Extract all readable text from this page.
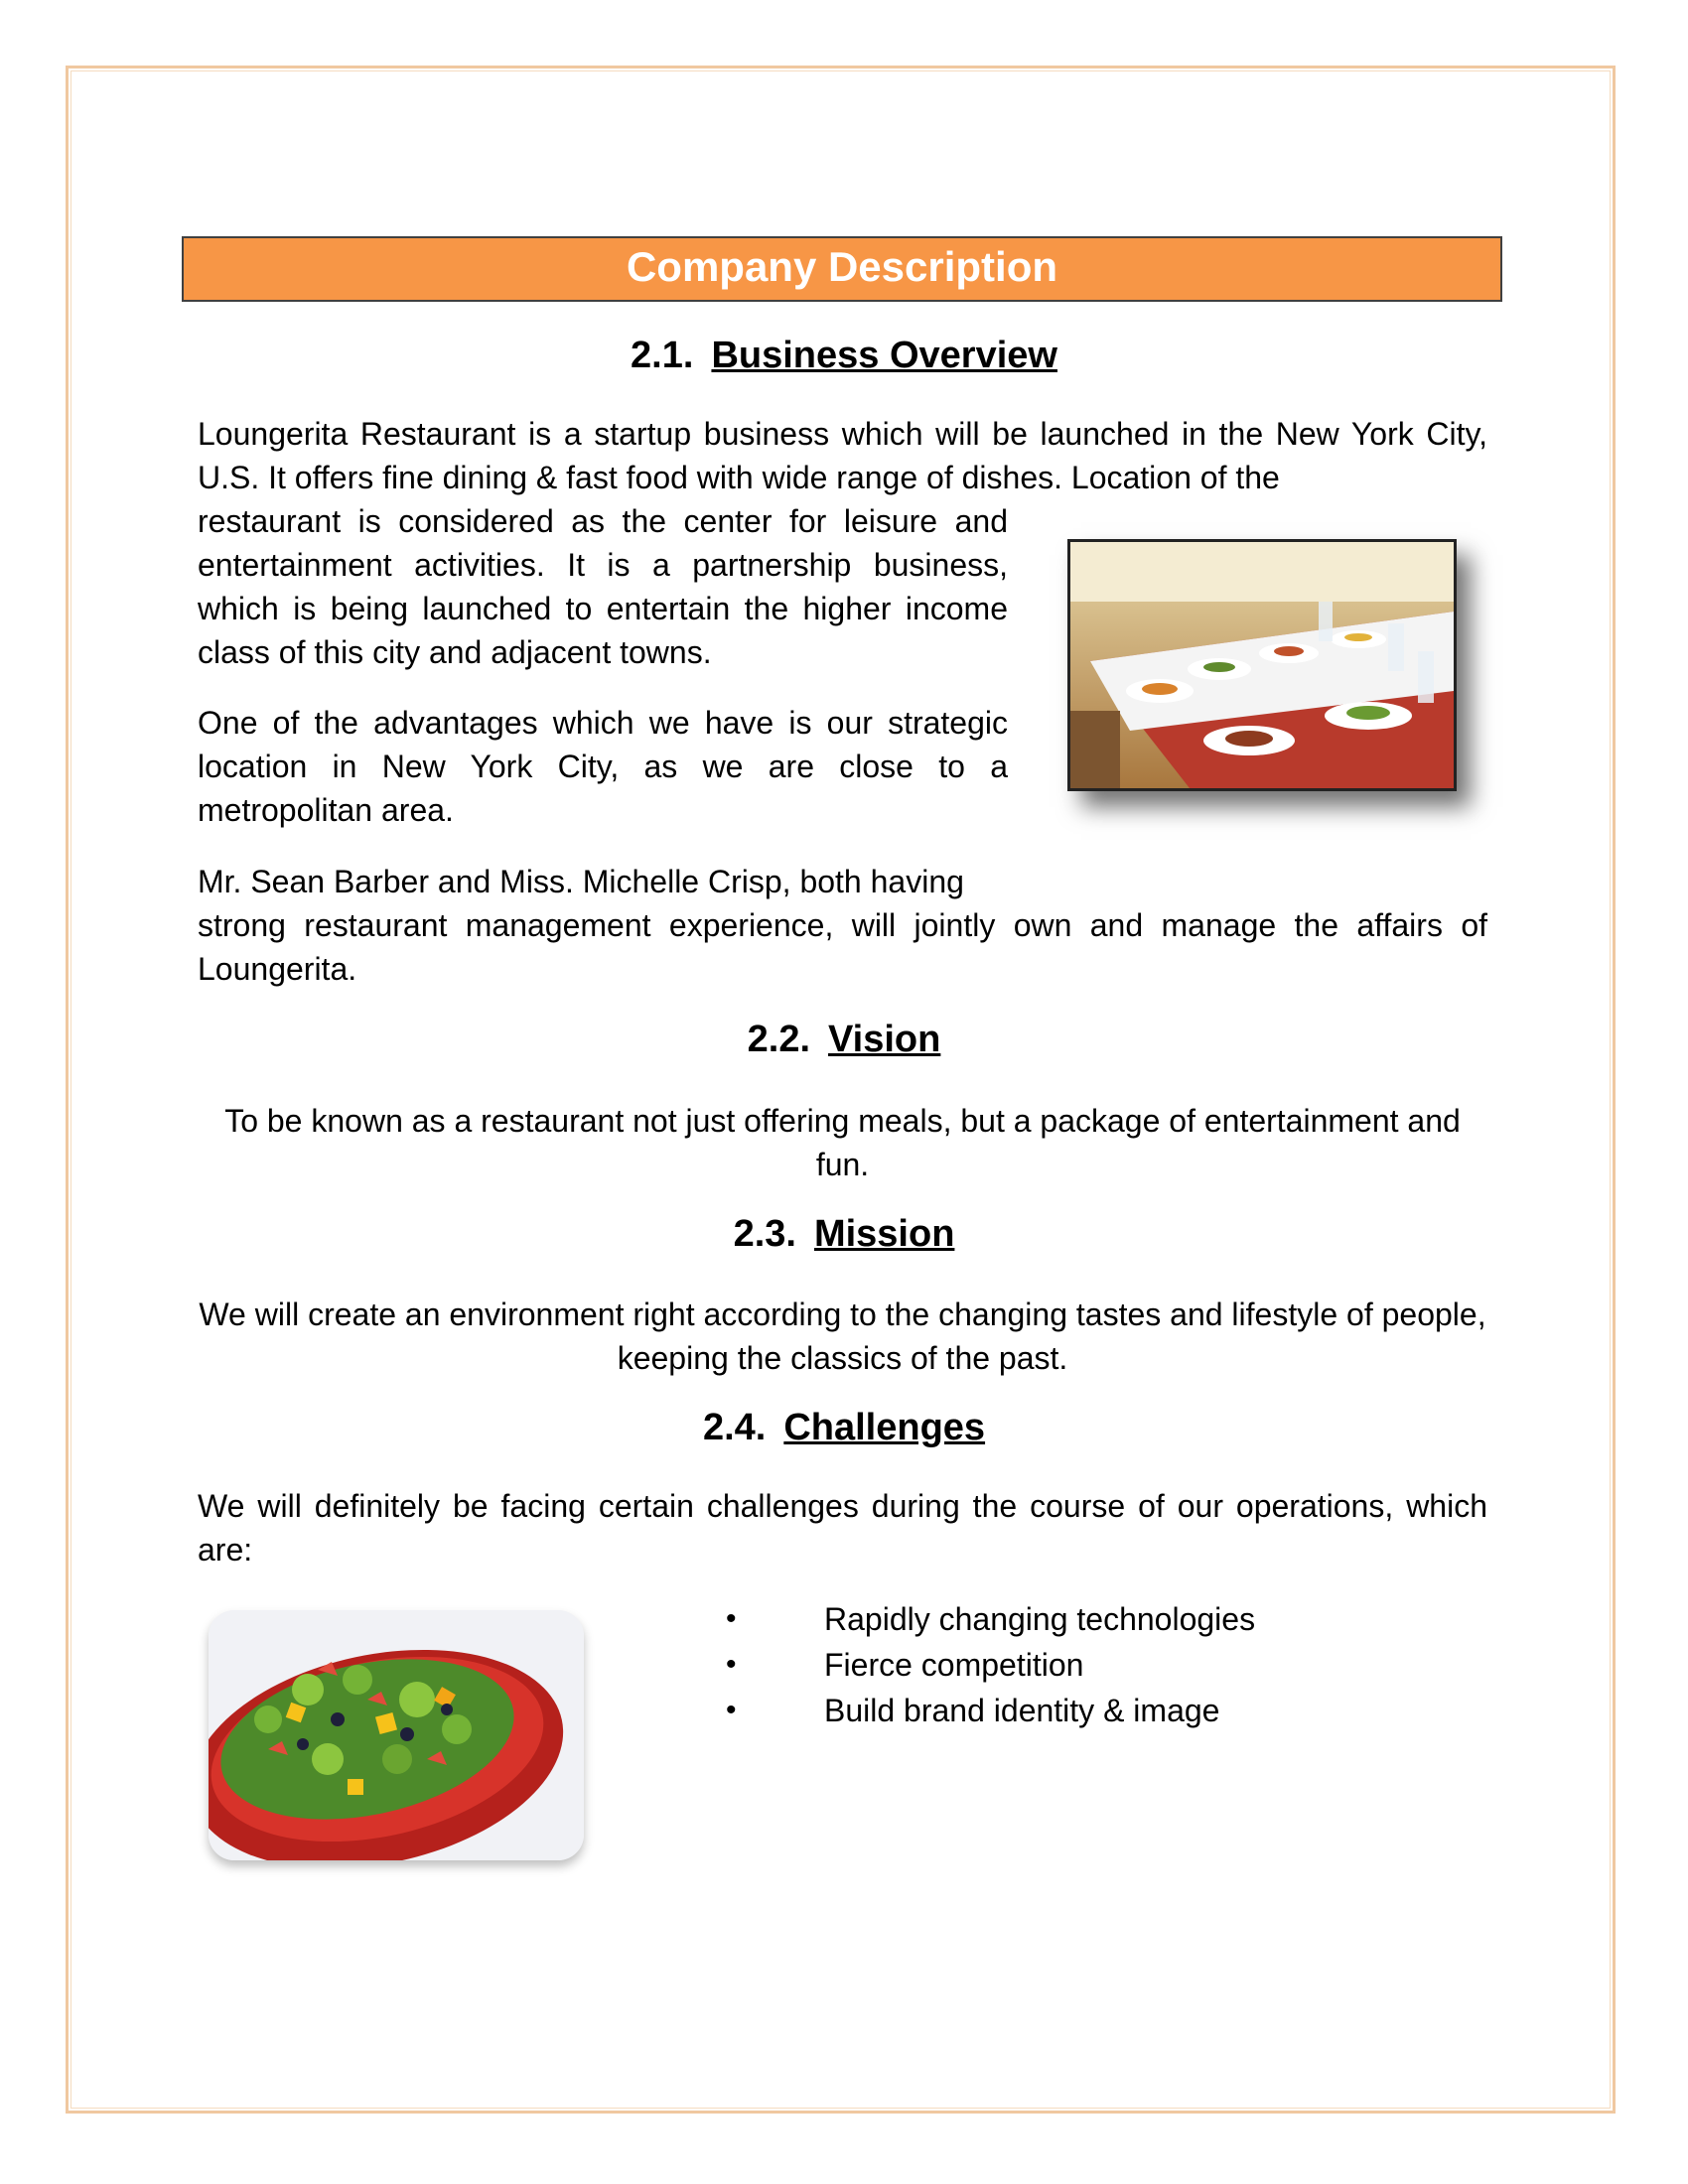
Company Description
2.1. Business Overview

Loungerita Restaurant is a startup business which will be launched in the New York City, U.S. It offers fine dining & fast food with wide range of dishes. Location of the

restaurant is considered as the center for leisure and entertainment activities. It is a partnership business, which is being launched to entertain the higher income class of this city and adjacent towns.

One of the advantages which we have is our strategic location in New York City, as we are close to a metropolitan area.

Mr. Sean Barber and Miss. Michelle Crisp, both having

strong restaurant management experience, will jointly own and manage the affairs of Loungerita.

2.2. Vision

To be known as a restaurant not just offering meals, but a package of entertainment and fun.

2.3. Mission

We will create an environment right according to the changing tastes and lifestyle of people, keeping the classics of the past.

2.4. Challenges

We will definitely be facing certain challenges during the course of our operations, which are:

•	Rapidly changing technologies
•	Fierce competition
•	Build brand identity & image
